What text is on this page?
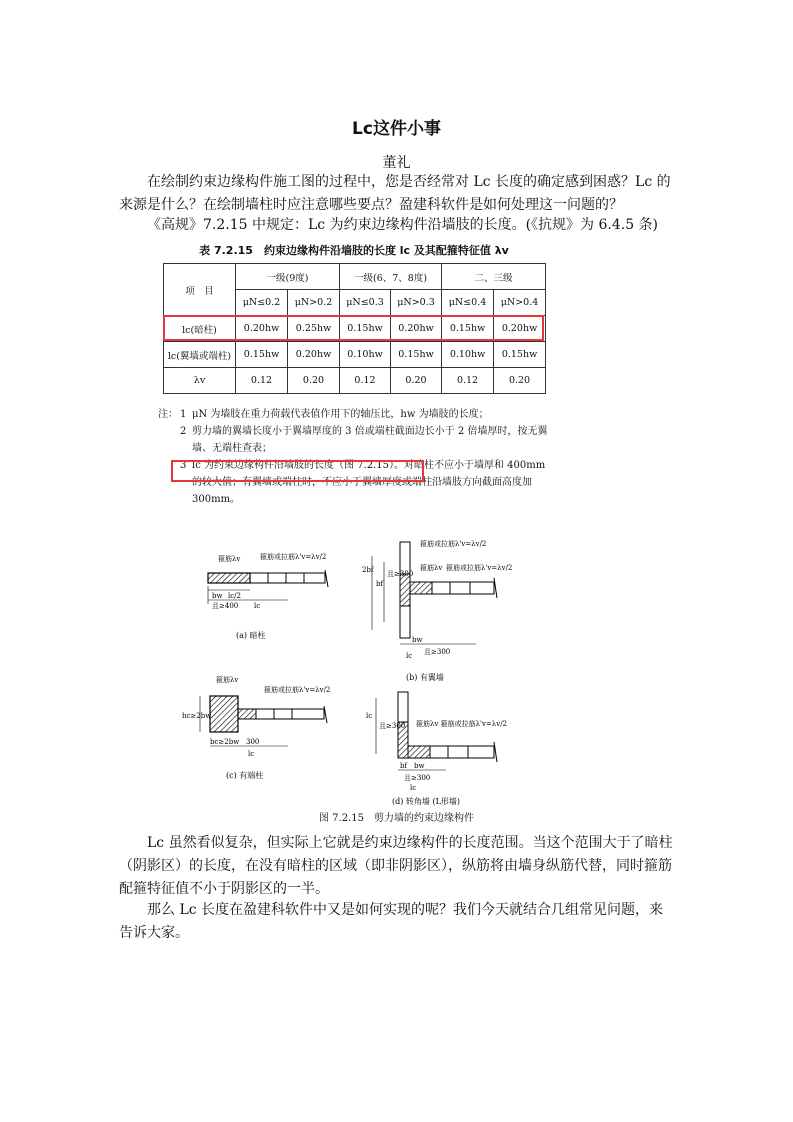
Lc这件小事
董礼

在绘制约束边缘构件施工图的过程中，您是否经常对 Lc 长度的确定感到困惑？Lc 的来源是什么？在绘制墙柱时应注意哪些要点？盈建科软件是如何处理这一问题的？

《高规》7.2.15 中规定：Lc 为约束边缘构件沿墙肢的长度。(《抗规》为 6.4.5 条)

表 7.2.15　约束边缘构件沿墙肢的长度 lc 及其配箍特征值 λv
项　目	一级(9度)		一级(6、7、8度)		二、三级	
	μN≤0.2	μN>0.2	μN≤0.3	μN>0.3	μN≤0.4	μN>0.4
lc(暗柱)	0.20hw	0.25hw	0.15hw	0.20hw	0.15hw	0.20hw
lc(翼墙或端柱)	0.15hw	0.20hw	0.10hw	0.15hw	0.10hw	0.15hw
λv	0.12	0.20	0.12	0.20	0.12	0.20
注： 1 μN 为墙肢在重力荷载代表值作用下的轴压比，hw 为墙肢的长度；
2 剪力墙的翼墙长度小于翼墙厚度的 3 倍或端柱截面边长小于 2 倍墙厚时，按无翼墙、无端柱查表；
3 lc 为约束边缘构件沿墙肢的长度（图 7.2.15）。对暗柱不应小于墙厚和 400mm 的较大值；有翼墙或端柱时，不应小于翼墙厚度或端柱沿墙肢方向截面高度加 300mm。
箍筋λv	箍筋或拉筋λ'v=λv/2
bw lc/2
且≥400 lc
(a) 暗柱
箍筋或拉筋λ'v=λv/2
箍筋λv 箍筋或拉筋λ'v=λv/2
2bf
bf
且≥300
bw
lc 且≥300
(b) 有翼墙
箍筋λv
箍筋或拉筋λ'v=λv/2
hc≥2bw
bc≥2bw 300
lc
(c) 有端柱
箍筋λv 箍筋或拉筋λ'v=λv/2
lc
且≥300
bf bw
且≥300
lc
(d) 转角墙 (L形墙)
图 7.2.15　剪力墙的约束边缘构件

Lc 虽然看似复杂，但实际上它就是约束边缘构件的长度范围。当这个范围大于了暗柱（阴影区）的长度，在没有暗柱的区域（即非阴影区），纵筋将由墙身纵筋代替，同时箍筋配箍特征值不小于阴影区的一半。

那么 Lc 长度在盈建科软件中又是如何实现的呢？我们今天就结合几组常见问题，来告诉大家。
